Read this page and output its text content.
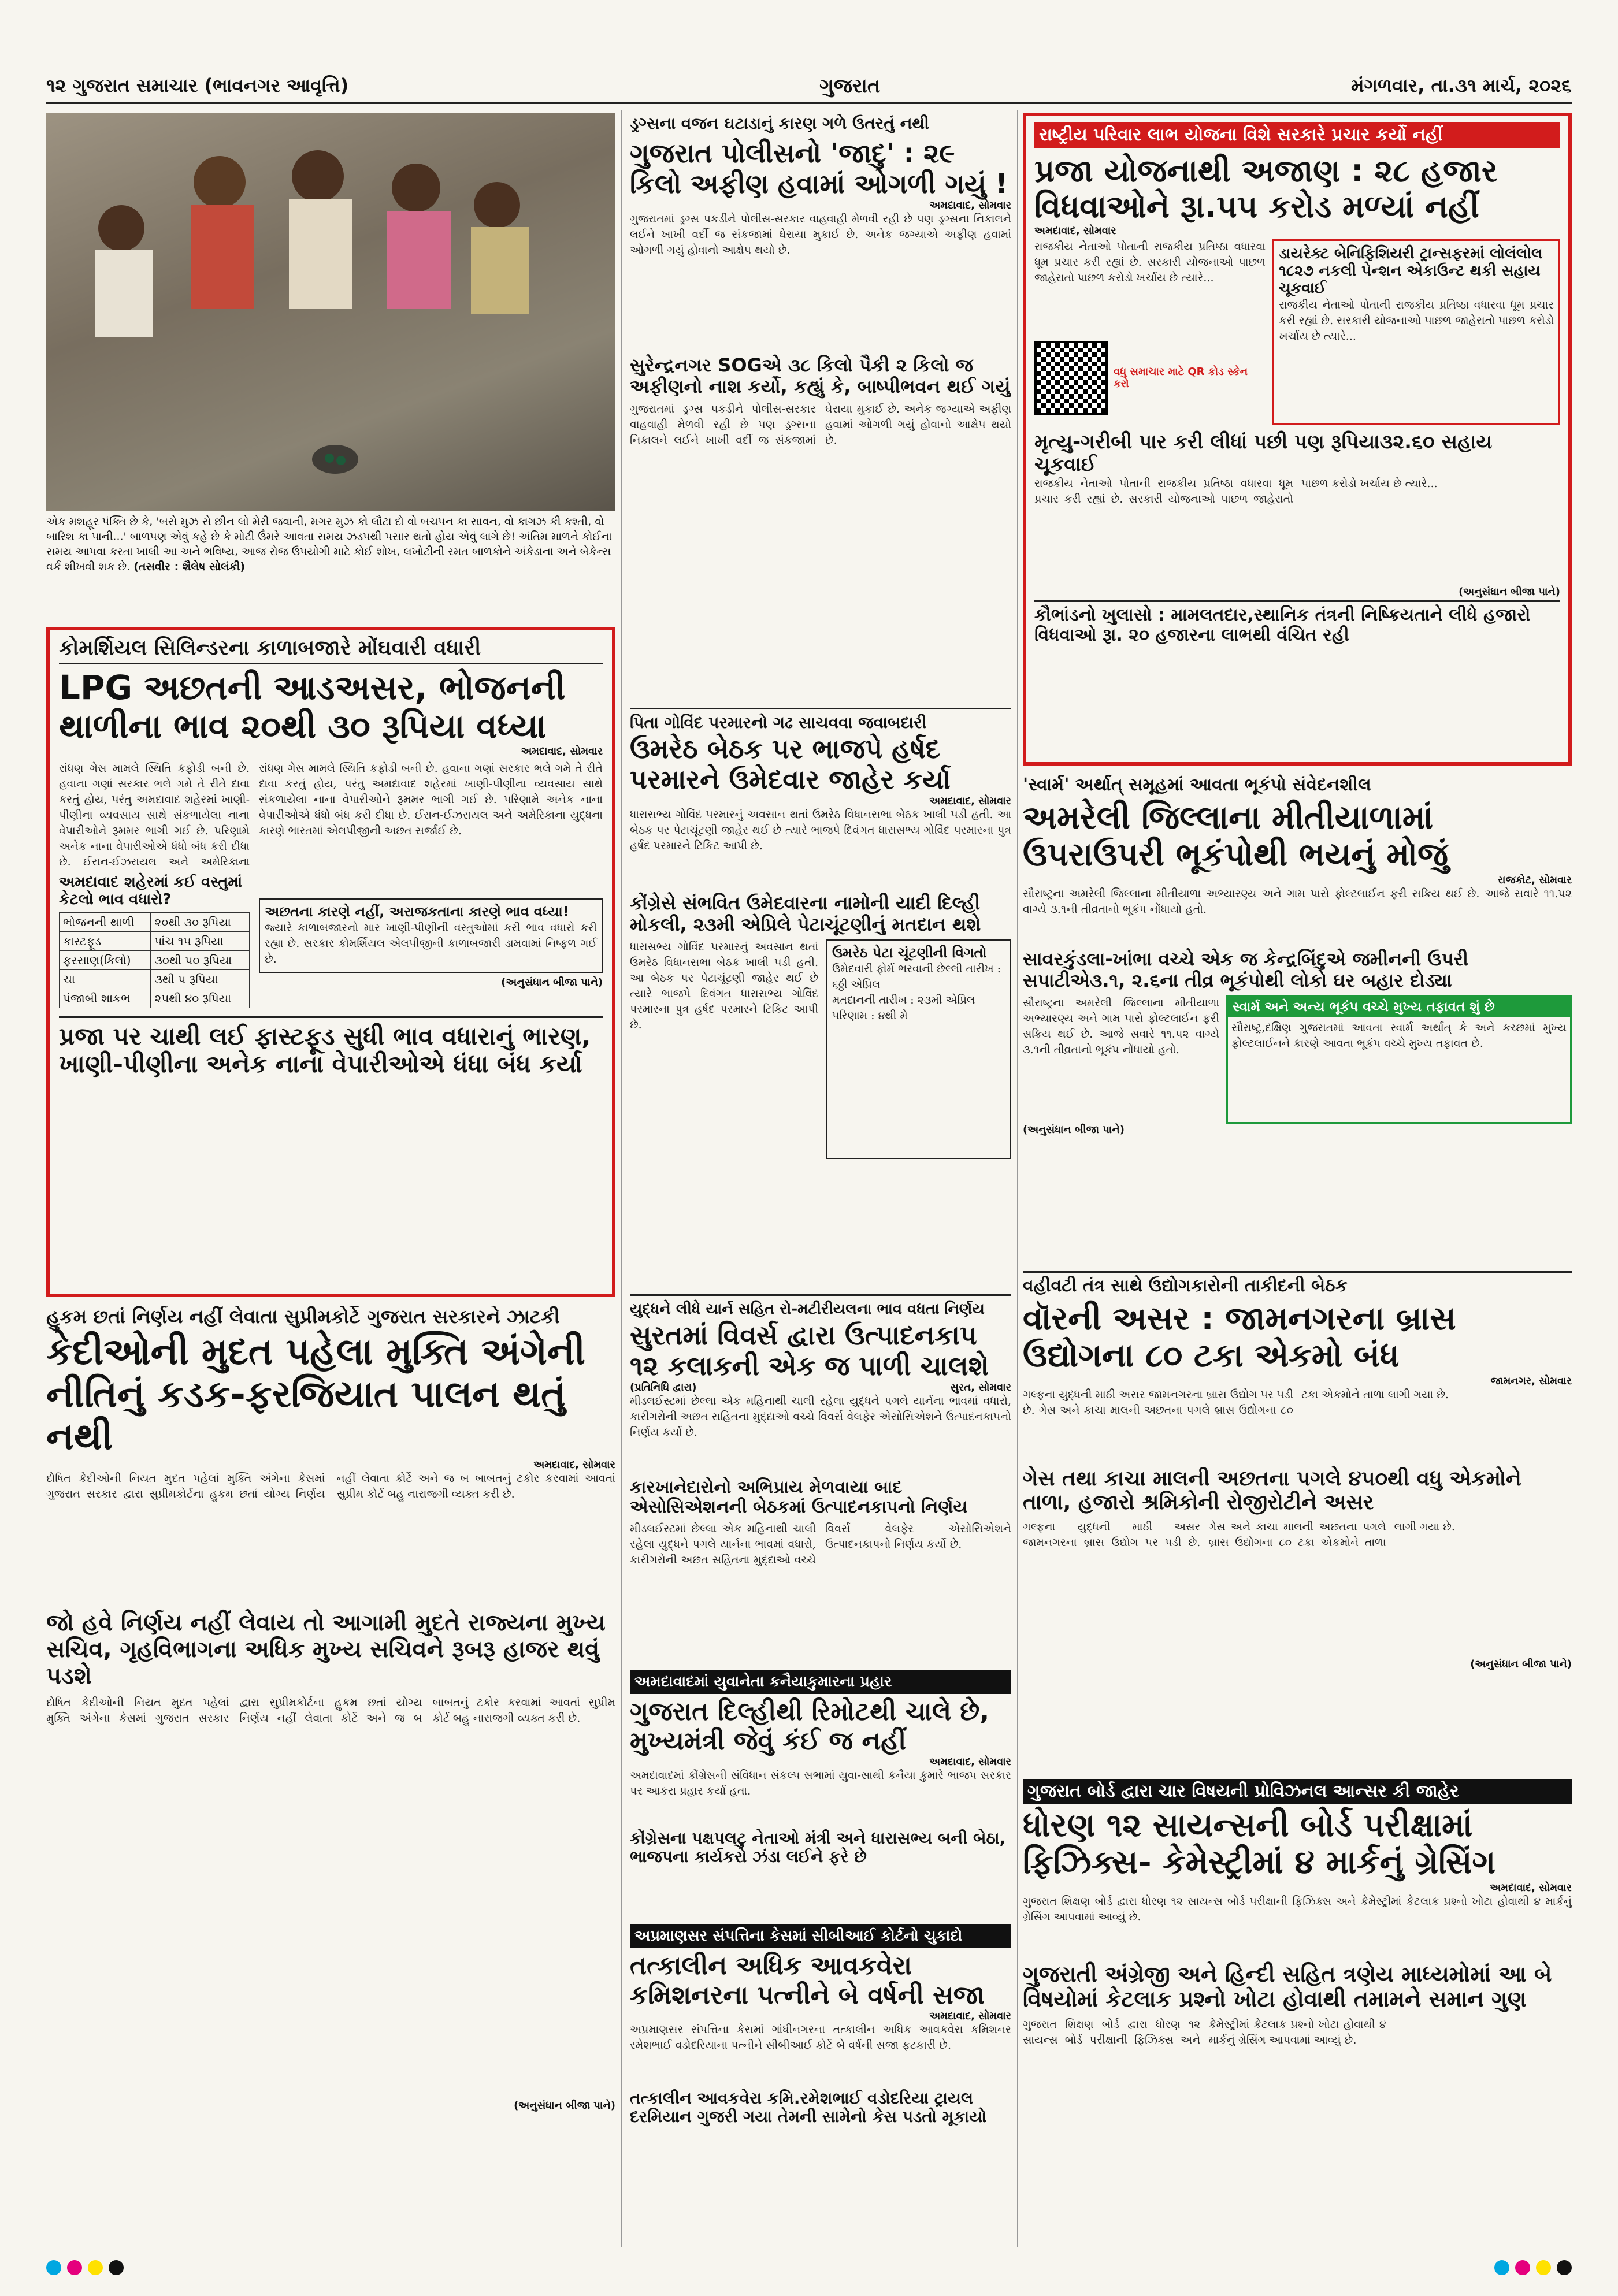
૧૨ ગુજરાત સમાચાર (ભાવનગર આવૃત્તિ)	ગુજરાત	મંગળવાર, તા.૩૧ માર્ચ, ૨૦૨૬
એક મશહૂર પંક્તિ છે કે, 'બસે મુઝ સે છીન લો મેરી જવાની, મગર મુઝ કો લૌટા દો વો બચપન કા સાવન, વો કાગઝ કી કશ્તી, વો બારિશ કા પાની...' બાળપણ એવું કહે છે કે મોટી ઉંમરે આવતા સમય ઝડપથી પસાર થતો હોય એવું લાગે છે! અંતિમ માળને કોઈના સમય આપવા કરતા ખાલી આ અને ભવિષ્ય, આજ રોજ ઉપયોગી માટે કોઈ શોખ, લખોટીની રમત બાળકોને અંકેડાના અને બેકેન્સ વર્ક શીખવી શક છે. (તસવીર : શૈલેષ સોલંકી)
કોમર્શિયલ સિલિન્ડરના કાળાબજારે મોંઘવારી વધારી
LPG અછતની આડઅસર, ભોજનની થાળીના ભાવ ૨૦થી ૩૦ રૂપિયા વધ્યા
અમદાવાદ, સોમવાર
રાંધણ ગેસ મામલે સ્થિતિ કફોડી બની છે. હવાના ગણાં સરકાર ભલે ગમે તે રીતે દાવા કરતું હોય, પરંતુ અમદાવાદ શહેરમાં ખાણી-પીણીના વ્યવસાય સાથે સંકળાયેલા નાના વેપારીઓને રૂમમર ભાગી ગઈ છે. પરિણામે અનેક નાના વેપારીઓએ ધંધો બંધ કરી દીધા છે. ઈરાન-ઈઝરાયલ અને અમેરિકાના
અમદાવાદ શહેરમાં કઈ વસ્તુમાં કેટલો ભાવ વધારો?
ભોજનની થાળી	૨૦થી ૩૦ રૂપિયા
કાસ્ટફૂડ	પાંચ ૧૫ રૂપિયા
ફરસાણ(કિલો)	૩૦થી ૫૦ રૂપિયા
ચા	૩થી ૫ રૂપિયા
પંજાબી શાકભ	૨૫થી ૪૦ રૂપિયા
રાંધણ ગેસ મામલે સ્થિતિ કફોડી બની છે. હવાના ગણાં સરકાર ભલે ગમે તે રીતે દાવા કરતું હોય, પરંતુ અમદાવાદ શહેરમાં ખાણી-પીણીના વ્યવસાય સાથે સંકળાયેલા નાના વેપારીઓને રૂમમર ભાગી ગઈ છે. પરિણામે અનેક નાના વેપારીઓએ ધંધો બંધ કરી દીધા છે. ઈરાન-ઈઝરાયલ અને અમેરિકાના યુદ્ધના કારણે ભારતમાં એલપીજીની અછત સર્જાઈ છે.
અછતના કારણે નહીં, અરાજકતાના કારણે ભાવ વધ્યા!
જ્યારે કાળાબજારનો માર ખાણી-પીણીની વસ્તુઓમાં કરી ભાવ વધારો કરી રહ્યા છે. સરકાર કોમર્શિયલ એલપીજીની કાળાબજારી ડામવામાં નિષ્ફળ ગઈ છે.
(અનુસંધાન બીજા પાને)
પ્રજા પર ચાથી લઈ ફાસ્ટફૂડ સુધી ભાવ વધારાનું ભારણ, ખાણી-પીણીના અનેક નાના વેપારીઓએ ધંધા બંધ કર્યા
હુકમ છતાં નિર્ણય નહીં લેવાતા સુપ્રીમકોર્ટે ગુજરાત સરકારને ઝાટકી
કેદીઓની મુદત પહેલા મુક્તિ અંગેની નીતિનું કડક-ફરજિયાત પાલન થતું નથી
અમદાવાદ, સોમવાર
દોષિત કેદીઓની નિયત મુદત પહેલાં મુક્તિ અંગેના કેસમાં ગુજરાત સરકાર દ્વારા સુપ્રીમકોર્ટના હુકમ છતાં યોગ્ય નિર્ણય નહીં લેવાતા કોર્ટે અને જ બ બાબતનું ટકોર કરવામાં આવતાં સુપ્રીમ કોર્ટ બહુ નારાજગી વ્યક્ત કરી છે.
જો હવે નિર્ણય નહીં લેવાય તો આગામી મુદતે રાજ્યના મુખ્ય સચિવ, ગૃહવિભાગના અધિક મુખ્ય સચિવને રૂબરૂ હાજર થવું પડશે
દોષિત કેદીઓની નિયત મુદત પહેલાં મુક્તિ અંગેના કેસમાં ગુજરાત સરકાર દ્વારા સુપ્રીમકોર્ટના હુકમ છતાં યોગ્ય નિર્ણય નહીં લેવાતા કોર્ટે અને જ બ બાબતનું ટકોર કરવામાં આવતાં સુપ્રીમ કોર્ટ બહુ નારાજગી વ્યક્ત કરી છે.
(અનુસંધાન બીજા પાને)
ડ્રગ્સના વજન ઘટાડાનું કારણ ગળે ઉતરતું નથી
ગુજરાત પોલીસનો 'જાદુ' : ૨૯ કિલો અફીણ હવામાં ઓગળી ગયું !
અમદાવાદ, સોમવાર
ગુજરાતમાં ડ્રગ્સ પકડીને પોલીસ-સરકાર વાહવાહી મેળવી રહી છે પણ ડ્રગ્સના નિકાલને લઈને ખાખી વર્દી જ સંકજામાં ઘેરાયા મુકાઈ છે. અનેક જગ્યાએ અફીણ હવામાં ઓગળી ગયું હોવાનો આક્ષેપ થયો છે.
સુરેન્દ્રનગર SOGએ ૩૮ કિલો પૈકી ૨ કિલો જ અફીણનો નાશ કર્યો, કહ્યું કે, બાષ્પીભવન થઈ ગયું
ગુજરાતમાં ડ્રગ્સ પકડીને પોલીસ-સરકાર વાહવાહી મેળવી રહી છે પણ ડ્રગ્સના નિકાલને લઈને ખાખી વર્દી જ સંકજામાં ઘેરાયા મુકાઈ છે. અનેક જગ્યાએ અફીણ હવામાં ઓગળી ગયું હોવાનો આક્ષેપ થયો છે.
પિતા ગોવિંદ પરમારનો ગઢ સાચવવા જવાબદારી
ઉમરેઠ બેઠક પર ભાજપે હર્ષદ પરમારને ઉમેદવાર જાહેર કર્યા
અમદાવાદ, સોમવાર
ધારાસભ્ય ગોવિંદ પરમારનું અવસાન થતાં ઉમરેઠ વિધાનસભા બેઠક ખાલી પડી હતી. આ બેઠક પર પેટાચૂંટણી જાહેર થઈ છે ત્યારે ભાજપે દિવંગત ધારાસભ્ય ગોવિંદ પરમારના પુત્ર હર્ષદ પરમારને ટિકિટ આપી છે.
કોંગ્રેસે સંભવિત ઉમેદવારના નામોની યાદી દિલ્હી મોકલી, ૨૩મી એપ્રિલે પેટાચૂંટણીનું મતદાન થશે
ધારાસભ્ય ગોવિંદ પરમારનું અવસાન થતાં ઉમરેઠ વિધાનસભા બેઠક ખાલી પડી હતી. આ બેઠક પર પેટાચૂંટણી જાહેર થઈ છે ત્યારે ભાજપે દિવંગત ધારાસભ્ય ગોવિંદ પરમારના પુત્ર હર્ષદ પરમારને ટિકિટ આપી છે.
ઉમરેઠ પેટા ચૂંટણીની વિગતો
ઉમેદવારી ફોર્મ ભરવાની છેલ્લી તારીખ : ૬ઠ્ઠી એપ્રિલ
મતદાનની તારીખ : ૨૩મી એપ્રિલ
પરિણામ : ૪થી મે
યુદ્ધને લીધે યાર્ન સહિત રો-મટીરીયલના ભાવ વધતા નિર્ણય
સુરતમાં વિવર્સ દ્વારા ઉત્પાદનકાપ ૧૨ કલાકની એક જ પાળી ચાલશે
(પ્રતિનિધિ દ્વારા)	સુરત, સોમવાર
મીડલઈસ્ટમાં છેલ્લા એક મહિનાથી ચાલી રહેલા યુદ્ધને પગલે યાર્નના ભાવમાં વધારો, કારીગરોની અછત સહિતના મુદ્દાઓ વચ્ચે વિવર્સ વેલફેર એસોસિએશને ઉત્પાદનકાપનો નિર્ણય કર્યો છે.
કારખાનેદારોનો અભિપ્રાય મેળવાયા બાદ એસોસિએશનની બેઠકમાં ઉત્પાદનકાપનો નિર્ણય
મીડલઈસ્ટમાં છેલ્લા એક મહિનાથી ચાલી રહેલા યુદ્ધને પગલે યાર્નના ભાવમાં વધારો, કારીગરોની અછત સહિતના મુદ્દાઓ વચ્ચે વિવર્સ વેલફેર એસોસિએશને ઉત્પાદનકાપનો નિર્ણય કર્યો છે.
અમદાવાદમાં યુવાનેતા કનૈયાકુમારના પ્રહાર
ગુજરાત દિલ્હીથી રિમોટથી ચાલે છે, મુખ્યમંત્રી જેવું કંઈ જ નહીં
અમદાવાદ, સોમવાર
અમદાવાદમાં કોંગ્રેસની સંવિધાન સંકલ્પ સભામાં યુવા-સાથી કનૈયા કુમારે ભાજપ સરકાર પર આકરા પ્રહાર કર્યા હતા.
કોંગ્રેસના પક્ષપલટુ નેતાઓ મંત્રી અને ધારાસભ્ય બની બેઠા, ભાજપના કાર્યકરો ઝંડા લઈને ફરે છે
અપ્રમાણસર સંપત્તિના કેસમાં સીબીઆઈ કોર્ટનો ચુકાદો
તત્કાલીન અધિક આવકવેરા કમિશનરના પત્નીને બે વર્ષની સજા
અમદાવાદ, સોમવાર
અપ્રમાણસર સંપત્તિના કેસમાં ગાંધીનગરના તત્કાલીન અધિક આવકવેરા કમિશનર રમેશભાઈ વડોદરિયાના પત્નીને સીબીઆઈ કોર્ટે બે વર્ષની સજા ફટકારી છે.
તત્કાલીન આવકવેરા કમિ.રમેશભાઈ વડોદરિયા ટ્રાયલ દરમિયાન ગુજરી ગયા તેમની સામેનો કેસ પડતો મૂકાયો
રાષ્ટ્રીય પરિવાર લાભ યોજના વિશે સરકારે પ્રચાર કર્યો નહીં
પ્રજા યોજનાથી અજાણ : ૨૮ હજાર વિધવાઓને રૂા.૫૫ કરોડ મળ્યાં નહીં
અમદાવાદ, સોમવાર
રાજકીય નેતાઓ પોતાની રાજકીય પ્રતિષ્ઠા વધારવા ધૂમ પ્રચાર કરી રહ્યાં છે. સરકારી યોજનાઓ પાછળ જાહેરાતો પાછળ કરોડો ખર્ચાય છે ત્યારે...
વધુ સમાચાર માટે QR કોડ સ્કેન કરો
ડાયરેક્ટ બેનિફિશિયરી ટ્રાન્સફરમાં લોલંલોલ ૧૮૨૭ નકલી પેન્શન એકાઉન્ટ થકી સહાય ચૂકવાઈ
રાજકીય નેતાઓ પોતાની રાજકીય પ્રતિષ્ઠા વધારવા ધૂમ પ્રચાર કરી રહ્યાં છે. સરકારી યોજનાઓ પાછળ જાહેરાતો પાછળ કરોડો ખર્ચાય છે ત્યારે...
મૃત્યુ-ગરીબી પાર કરી લીધાં પછી પણ રૂપિયા૩૨.૬૦ સહાય ચૂકવાઈ
રાજકીય નેતાઓ પોતાની રાજકીય પ્રતિષ્ઠા વધારવા ધૂમ પ્રચાર કરી રહ્યાં છે. સરકારી યોજનાઓ પાછળ જાહેરાતો પાછળ કરોડો ખર્ચાય છે ત્યારે...
(અનુસંધાન બીજા પાને)
કૌભાંડનો ખુલાસો : મામલતદાર,સ્થાનિક તંત્રની નિષ્ક્રિયતાને લીધે હજારો વિધવાઓ રૂા. ૨૦ હજારના લાભથી વંચિત રહી
'સ્વાર્મ' અર્થાત્ સમૂહમાં આવતા ભૂકંપો સંવેદનશીલ
અમરેલી જિલ્લાના મીતીયાળામાં ઉપરાઉપરી ભૂકંપોથી ભયનું મોજું
રાજકોટ, સોમવાર
સૌરાષ્ટ્રના અમરેલી જિલ્લાના મીતીયાળા અભ્યારણ્ય અને ગામ પાસે ફોલ્ટલાઈન ફરી સક્રિય થઈ છે. આજે સવારે ૧૧.૫૨ વાગ્યે ૩.૧ની તીવ્રતાનો ભૂકંપ નોંધાયો હતો.
સાવરકુંડલા-ખાંભા વચ્ચે એક જ કેન્દ્રબિંદુએ જમીનની ઉપરી સપાટીએ૩.૧, ૨.૬ના તીવ્ર ભૂકંપોથી લોકો ઘર બહાર દોડ્યા
સૌરાષ્ટ્રના અમરેલી જિલ્લાના મીતીયાળા અભ્યારણ્ય અને ગામ પાસે ફોલ્ટલાઈન ફરી સક્રિય થઈ છે. આજે સવારે ૧૧.૫૨ વાગ્યે ૩.૧ની તીવ્રતાનો ભૂકંપ નોંધાયો હતો.
સ્વાર્મ અને અન્ય ભૂકંપ વચ્ચે મુખ્ય તફાવત શું છે
સૌરાષ્ટ્ર,દક્ષિણ ગુજરાતમાં આવતા સ્વાર્મ અર્થાત્ કે અને કચ્છમાં મુખ્ય ફોલ્ટલાઈનને કારણે આવતા ભૂકંપ વચ્ચે મુખ્ય તફાવત છે.
(અનુસંધાન બીજા પાને)
વહીવટી તંત્ર સાથે ઉદ્યોગકારોની તાકીદની બેઠક
વૉરની અસર : જામનગરના બ્રાસ ઉદ્યોગના ૮૦ ટકા એકમો બંધ
જામનગર, સોમવાર
ગલ્ફના યુદ્ધની માઠી અસર જામનગરના બ્રાસ ઉદ્યોગ પર પડી છે. ગેસ અને કાચા માલની અછતના પગલે બ્રાસ ઉદ્યોગના ૮૦ ટકા એકમોને તાળા લાગી ગયા છે.
ગેસ તથા કાચા માલની અછતના પગલે ૪૫૦થી વધુ એકમોને તાળા, હજારો શ્રમિકોની રોજીરોટીને અસર
ગલ્ફના યુદ્ધની માઠી અસર જામનગરના બ્રાસ ઉદ્યોગ પર પડી છે. ગેસ અને કાચા માલની અછતના પગલે બ્રાસ ઉદ્યોગના ૮૦ ટકા એકમોને તાળા લાગી ગયા છે.
(અનુસંધાન બીજા પાને)
ગુજરાત બોર્ડ દ્વારા ચાર વિષયની પ્રોવિઝનલ આન્સર કી જાહેર
ધોરણ ૧૨ સાયન્સની બોર્ડ પરીક્ષામાં ફિઝિક્સ- કેમેસ્ટ્રીમાં ૪ માર્કનું ગ્રેસિંગ
અમદાવાદ, સોમવાર
ગુજરાત શિક્ષણ બોર્ડ દ્વારા ધોરણ ૧૨ સાયન્સ બોર્ડ પરીક્ષાની ફિઝિક્સ અને કેમેસ્ટ્રીમાં કેટલાક પ્રશ્નો ખોટા હોવાથી ૪ માર્કનું ગ્રેસિંગ આપવામાં આવ્યું છે.
ગુજરાતી અંગ્રેજી અને હિન્દી સહિત ત્રણેય માધ્યમોમાં આ બે વિષયોમાં કેટલાક પ્રશ્નો ખોટા હોવાથી તમામને સમાન ગુણ
ગુજરાત શિક્ષણ બોર્ડ દ્વારા ધોરણ ૧૨ સાયન્સ બોર્ડ પરીક્ષાની ફિઝિક્સ અને કેમેસ્ટ્રીમાં કેટલાક પ્રશ્નો ખોટા હોવાથી ૪ માર્કનું ગ્રેસિંગ આપવામાં આવ્યું છે.
